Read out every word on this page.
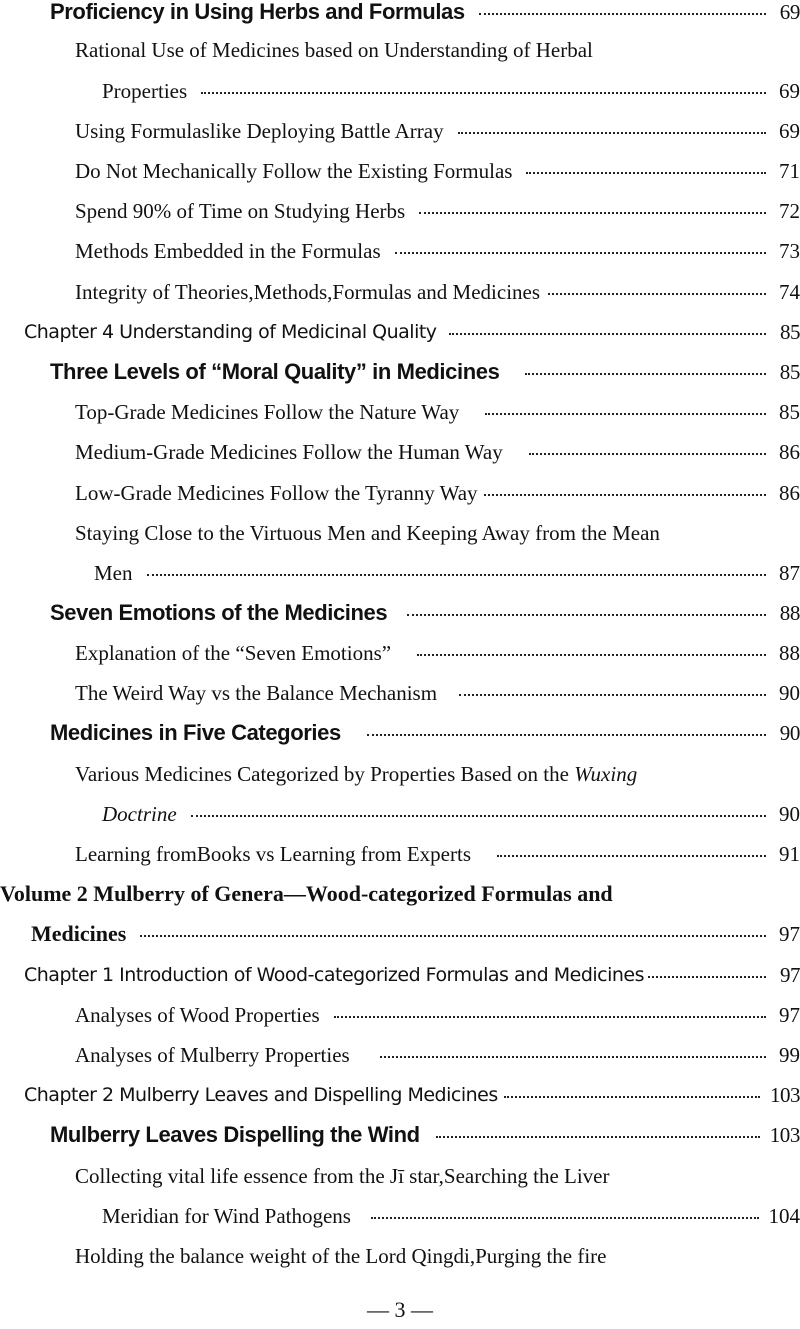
Proficiency in Using Herbs and Formulas	69
Rational Use of Medicines based on Understanding of Herbal
Properties	69
Using Formulaslike Deploying Battle Array	69
Do Not Mechanically Follow the Existing Formulas	71
Spend 90% of Time on Studying Herbs	72
Methods Embedded in the Formulas	73
Integrity of Theories,Methods,Formulas and Medicines	74
Chapter 4 Understanding of Medicinal Quality	85
Three Levels of “Moral Quality” in Medicines	85
Top-Grade Medicines Follow the Nature Way	85
Medium-Grade Medicines Follow the Human Way	86
Low-Grade Medicines Follow the Tyranny Way	86
Staying Close to the Virtuous Men and Keeping Away from the Mean
Men	87
Seven Emotions of the Medicines	88
Explanation of the “Seven Emotions”	88
The Weird Way vs the Balance Mechanism	90
Medicines in Five Categories	90
Various Medicines Categorized by Properties Based on the Wuxing
Doctrine	90
Learning fromBooks vs Learning from Experts	91
Volume 2 Mulberry of Genera—Wood-categorized Formulas and
Medicines	97
Chapter 1 Introduction of Wood-categorized Formulas and Medicines	97
Analyses of Wood Properties	97
Analyses of Mulberry Properties	99
Chapter 2 Mulberry Leaves and Dispelling Medicines	103
Mulberry Leaves Dispelling the Wind	103
Collecting vital life essence from the Jī star,Searching the Liver
Meridian for Wind Pathogens	104
Holding the balance weight of the Lord Qingdi,Purging the fire
— 3 —
